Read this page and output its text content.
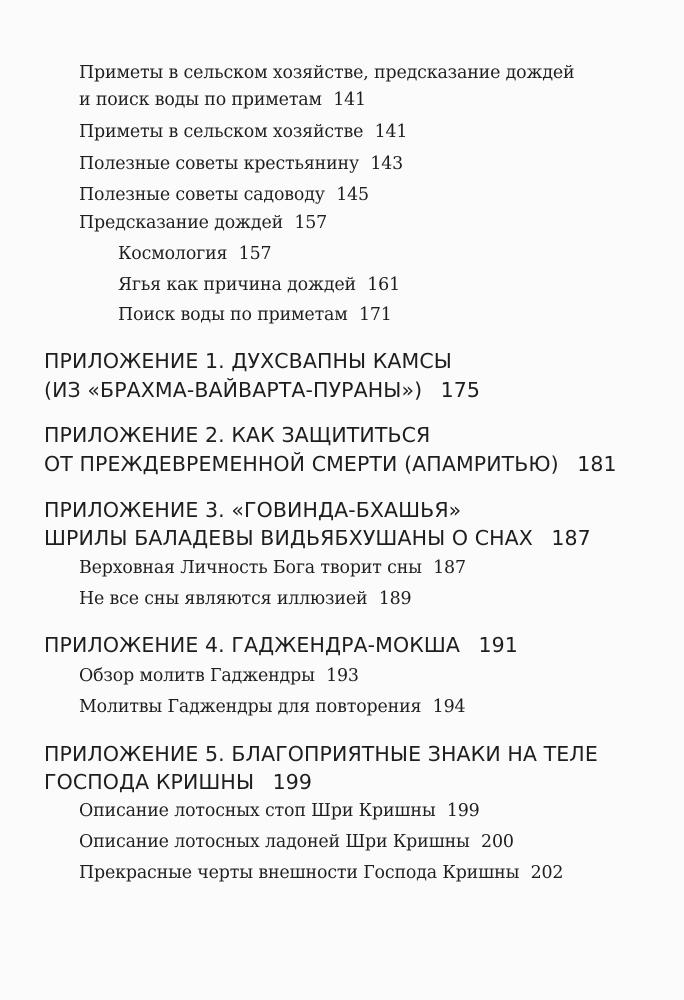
Приметы в сельском хозяйстве, предсказание дождей
и поиск воды по приметам 141
Приметы в сельском хозяйстве 141
Полезные советы крестьянину 143
Полезные советы садоводу 145
Предсказание дождей 157
Космология 157
Ягья как причина дождей 161
Поиск воды по приметам 171
ПРИЛОЖЕНИЕ 1. ДУХСВАПНЫ КАМСЫ
(ИЗ «БРАХМА-ВАЙВАРТА-ПУРАНЫ») 175
ПРИЛОЖЕНИЕ 2. КАК ЗАЩИТИТЬСЯ
ОТ ПРЕЖДЕВРЕМЕННОЙ СМЕРТИ (АПАМРИТЬЮ) 181
ПРИЛОЖЕНИЕ 3. «ГОВИНДА-БХАШЬЯ»
ШРИЛЫ БАЛАДЕВЫ ВИДЬЯБХУШАНЫ О СНАХ 187
Верховная Личность Бога творит сны 187
Не все сны являются иллюзией 189
ПРИЛОЖЕНИЕ 4. ГАДЖЕНДРА-МОКША 191
Обзор молитв Гаджендры 193
Молитвы Гаджендры для повторения 194
ПРИЛОЖЕНИЕ 5. БЛАГОПРИЯТНЫЕ ЗНАКИ НА ТЕЛЕ
ГОСПОДА КРИШНЫ 199
Описание лотосных стоп Шри Кришны 199
Описание лотосных ладоней Шри Кришны 200
Прекрасные черты внешности Господа Кришны 202
